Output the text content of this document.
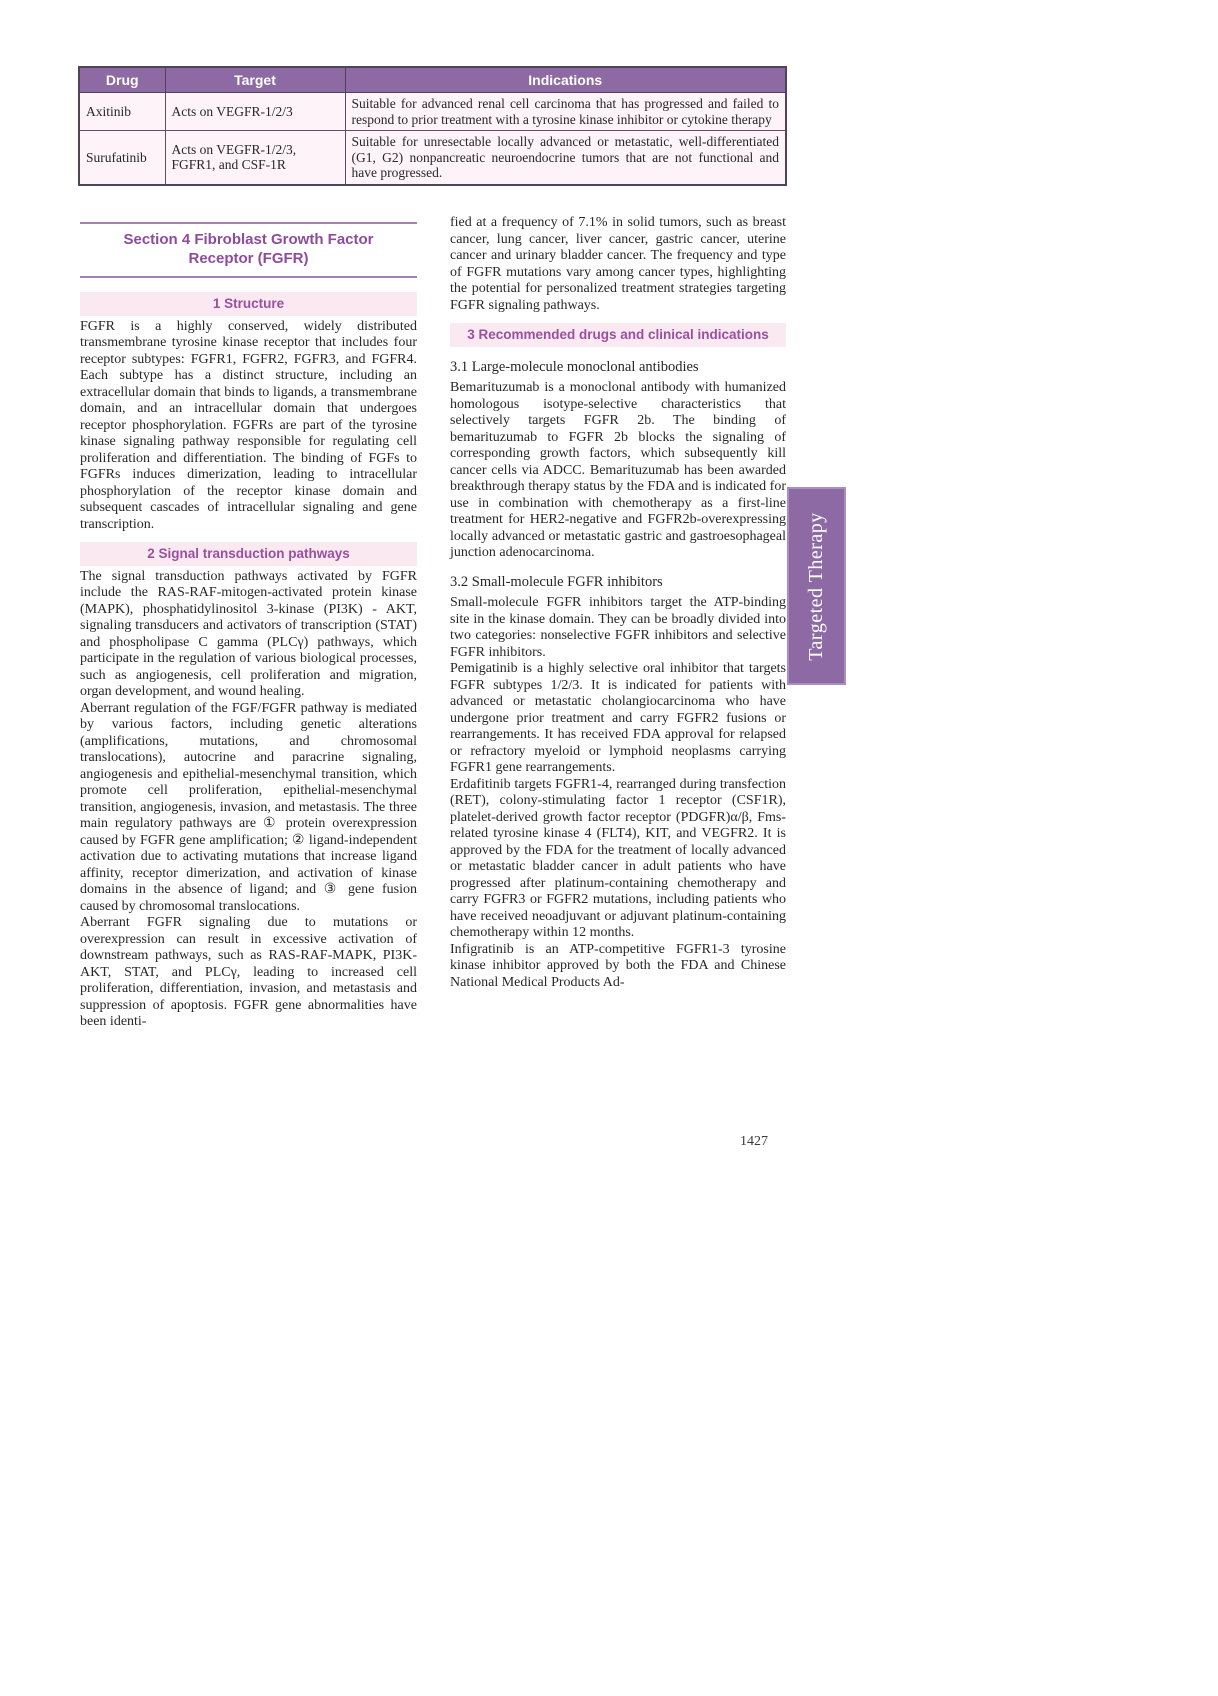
Drug	Target	Indications
Axitinib	Acts on VEGFR-1/2/3	Suitable for advanced renal cell carcinoma that has progressed and failed to respond to prior treatment with a tyrosine kinase inhibitor or cytokine therapy
Surufatinib	Acts on VEGFR-1/2/3, FGFR1, and CSF-1R	Suitable for unresectable locally advanced or metastatic, well-differentiated (G1, G2) nonpancreatic neuroendocrine tumors that are not functional and have progressed.
Section 4 Fibroblast Growth Factor Receptor (FGFR)
1 Structure

FGFR is a highly conserved, widely distributed transmembrane tyrosine kinase receptor that includes four receptor subtypes: FGFR1, FGFR2, FGFR3, and FGFR4. Each subtype has a distinct structure, including an extracellular domain that binds to ligands, a transmembrane domain, and an intracellular domain that undergoes receptor phosphorylation. FGFRs are part of the tyrosine kinase signaling pathway responsible for regulating cell proliferation and differentiation. The binding of FGFs to FGFRs induces dimerization, leading to intracellular phosphorylation of the receptor kinase domain and subsequent cascades of intracellular signaling and gene transcription.

2 Signal transduction pathways

The signal transduction pathways activated by FGFR include the RAS-RAF-mitogen-activated protein kinase (MAPK), phosphatidylinositol 3-kinase (PI3K) - AKT, signaling transducers and activators of transcription (STAT) and phospholipase C gamma (PLCγ) pathways, which participate in the regulation of various biological processes, such as angiogenesis, cell proliferation and migration, organ development, and wound healing.

Aberrant regulation of the FGF/FGFR pathway is mediated by various factors, including genetic alterations (amplifications, mutations, and chromosomal translocations), autocrine and paracrine signaling, angiogenesis and epithelial-mesenchymal transition, which promote cell proliferation, epithelial-mesenchymal transition, angiogenesis, invasion, and metastasis. The three main regulatory pathways are ① protein overexpression caused by FGFR gene amplification; ② ligand-independent activation due to activating mutations that increase ligand affinity, receptor dimerization, and activation of kinase domains in the absence of ligand; and ③ gene fusion caused by chromosomal translocations.

Aberrant FGFR signaling due to mutations or overexpression can result in excessive activation of downstream pathways, such as RAS-RAF-MAPK, PI3K-AKT, STAT, and PLCγ, leading to increased cell proliferation, differentiation, invasion, and metastasis and suppression of apoptosis. FGFR gene abnormalities have been identi-

fied at a frequency of 7.1% in solid tumors, such as breast cancer, lung cancer, liver cancer, gastric cancer, uterine cancer and urinary bladder cancer. The frequency and type of FGFR mutations vary among cancer types, highlighting the potential for personalized treatment strategies targeting FGFR signaling pathways.

3 Recommended drugs and clinical indications
3.1 Large-molecule monoclonal antibodies

Bemarituzumab is a monoclonal antibody with humanized homologous isotype-selective characteristics that selectively targets FGFR 2b. The binding of bemarituzumab to FGFR 2b blocks the signaling of corresponding growth factors, which subsequently kill cancer cells via ADCC. Bemarituzumab has been awarded breakthrough therapy status by the FDA and is indicated for use in combination with chemotherapy as a first-line treatment for HER2-negative and FGFR2b-overexpressing locally advanced or metastatic gastric and gastroesophageal junction adenocarcinoma.

3.2 Small-molecule FGFR inhibitors

Small-molecule FGFR inhibitors target the ATP-binding site in the kinase domain. They can be broadly divided into two categories: nonselective FGFR inhibitors and selective FGFR inhibitors.

Pemigatinib is a highly selective oral inhibitor that targets FGFR subtypes 1/2/3. It is indicated for patients with advanced or metastatic cholangiocarcinoma who have undergone prior treatment and carry FGFR2 fusions or rearrangements. It has received FDA approval for relapsed or refractory myeloid or lymphoid neoplasms carrying FGFR1 gene rearrangements.

Erdafitinib targets FGFR1-4, rearranged during transfection (RET), colony-stimulating factor 1 receptor (CSF1R), platelet-derived growth factor receptor (PDGFR)α/β, Fms-related tyrosine kinase 4 (FLT4), KIT, and VEGFR2. It is approved by the FDA for the treatment of locally advanced or metastatic bladder cancer in adult patients who have progressed after platinum-containing chemotherapy and carry FGFR3 or FGFR2 mutations, including patients who have received neoadjuvant or adjuvant platinum-containing chemotherapy within 12 months.

Infigratinib is an ATP-competitive FGFR1-3 tyrosine kinase inhibitor approved by both the FDA and Chinese National Medical Products Ad-

Targeted Therapy
1427
